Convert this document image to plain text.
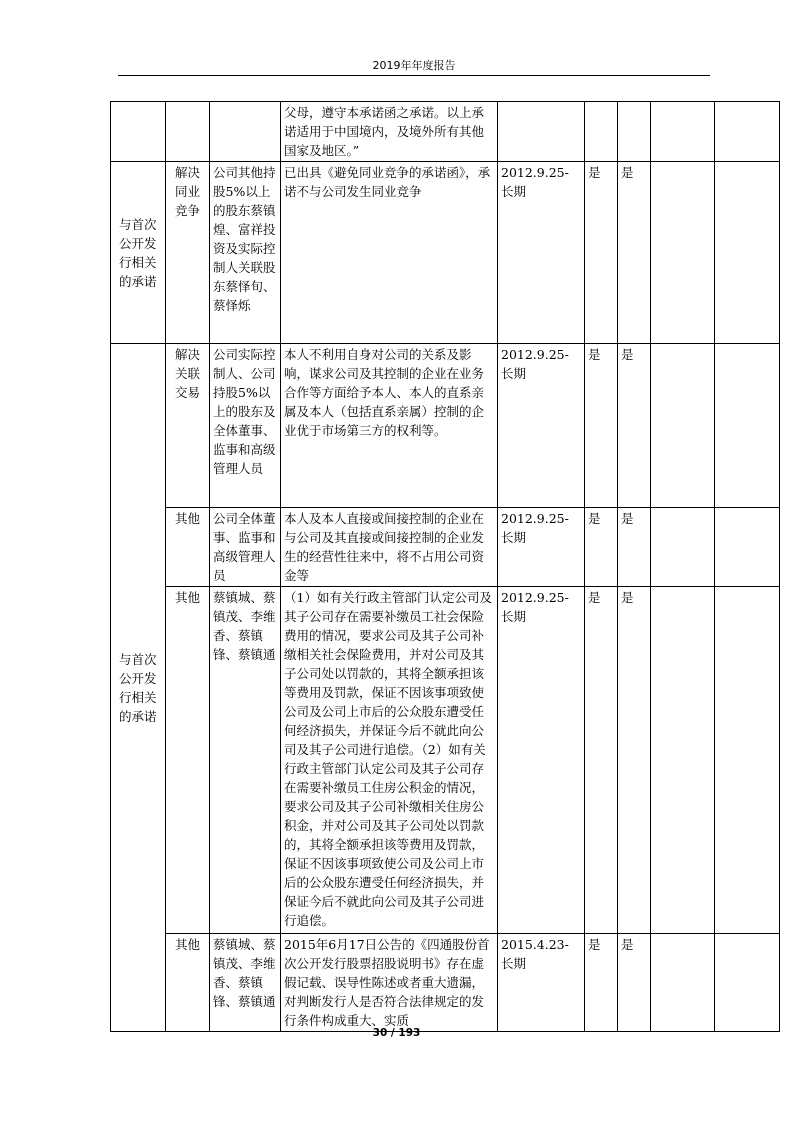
2019年年度报告
			父母，遵守本承诺函之承诺。以上承诺适用于中国境内，及境外所有其他国家及地区。”					
与首次公开发行相关的承诺	解决同业竞争	公司其他持股5%以上的股东蔡镇煌、富祥投资及实际控制人关联股东蔡怿旬、蔡怿烁	已出具《避免同业竞争的承诺函》，承诺不与公司发生同业竞争	2012.9.25-长期	是	是		
与首次公开发行相关的承诺	解决关联交易	公司实际控制人、公司持股5%以上的股东及全体董事、监事和高级管理人员	本人不利用自身对公司的关系及影响，谋求公司及其控制的企业在业务合作等方面给予本人、本人的直系亲属及本人（包括直系亲属）控制的企业优于市场第三方的权利等。	2012.9.25-长期	是	是		
	其他	公司全体董事、监事和高级管理人员	本人及本人直接或间接控制的企业在与公司及其直接或间接控制的企业发生的经营性往来中，将不占用公司资金等	2012.9.25-长期	是	是		
	其他	蔡镇城、蔡镇茂、李维香、蔡镇锋、蔡镇通	（1）如有关行政主管部门认定公司及其子公司存在需要补缴员工社会保险费用的情况，要求公司及其子公司补缴相关社会保险费用，并对公司及其子公司处以罚款的，其将全额承担该等费用及罚款，保证不因该事项致使公司及公司上市后的公众股东遭受任何经济损失，并保证今后不就此向公司及其子公司进行追偿。（2）如有关行政主管部门认定公司及其子公司存在需要补缴员工住房公积金的情况，要求公司及其子公司补缴相关住房公积金，并对公司及其子公司处以罚款的，其将全额承担该等费用及罚款，保证不因该事项致使公司及公司上市后的公众股东遭受任何经济损失，并保证今后不就此向公司及其子公司进行追偿。	2012.9.25-长期	是	是		
	其他	蔡镇城、蔡镇茂、李维香、蔡镇锋、蔡镇通	2015年6月17日公告的《四通股份首次公开发行股票招股说明书》存在虚假记载、误导性陈述或者重大遗漏，对判断发行人是否符合法律规定的发行条件构成重大、实质	2015.4.23-长期	是	是		
30 / 193
